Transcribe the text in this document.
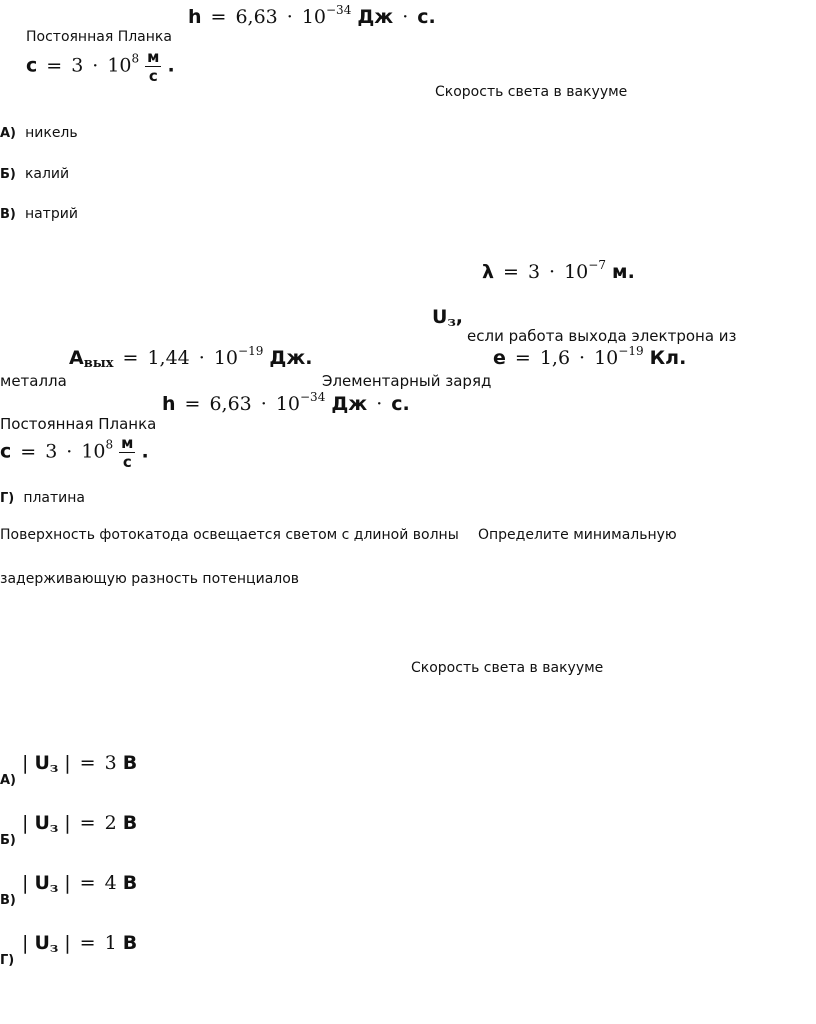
$h = 6,63 \cdot 10^{-34}$ Дж · с.
Постоянная Планка
$с = 3 \cdot 10^8 \frac{м}{с}$ .
Скорость света в вакууме
А) никель
Б) калий
В) натрий
$\lambda = 3 \cdot 10^{-7}$ м.
$U_з$,
если работа выхода электрона из
$A_{вых} = 1,44 \cdot 10^{-19}$ Дж.	$е = 1,6 \cdot 10^{-19}$ Кл.
металла	Элементарный заряд
$h = 6,63 \cdot 10^{-34}$ Дж · с.
Постоянная Планка
$с = 3 \cdot 10^8 \frac{м}{с}$ .
Г) платина
Поверхность фотокатода освещается светом с длиной волны Определите минимальную
задерживающую разность потенциалов
Скорость света в вакууме
А)
| $U_з$ | = 3 В
Б)
| $U_з$ | = 2 В
В)
| $U_з$ | = 4 В
Г)
| $U_з$ | = 1 В
